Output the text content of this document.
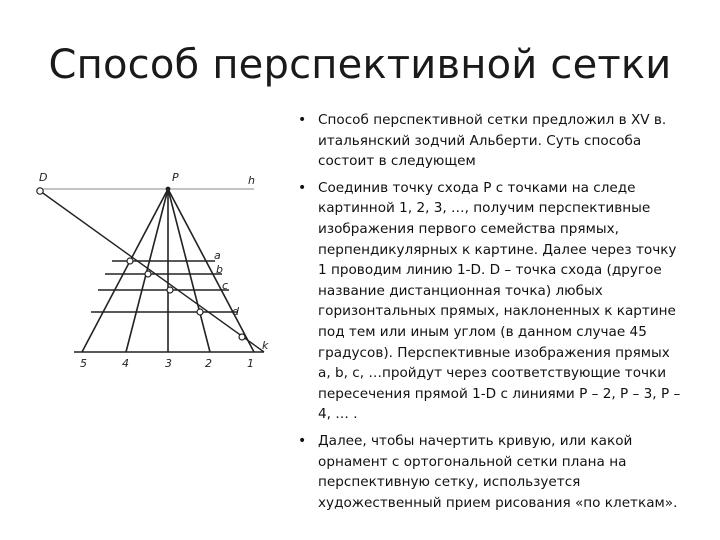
Способ перспективной сетки
D	P	h
k
a
b
c
d
5	4	3	2	1
• Способ перспективной сетки предложил в XV в. итальянский зодчий Альберти. Суть способа состоит в следующем
• Соединив точку схода P с точками на следе картинной 1, 2, 3, …, получим перспективные изображения первого семейства прямых, перпендикулярных к картине. Далее через точку 1 проводим линию 1-D. D – точка схода (другое название дистанционная точка) любых горизонтальных прямых, наклоненных к картине под тем или иным углом (в данном случае 45 градусов). Перспективные изображения прямых a, b, c, …пройдут через соответствующие точки пересечения прямой 1-D с линиями P – 2, P – 3, P – 4, … .
• Далее, чтобы начертить кривую, или какой орнамент с ортогональной сетки плана на перспективную сетку, используется художественный прием рисования «по клеткам».
